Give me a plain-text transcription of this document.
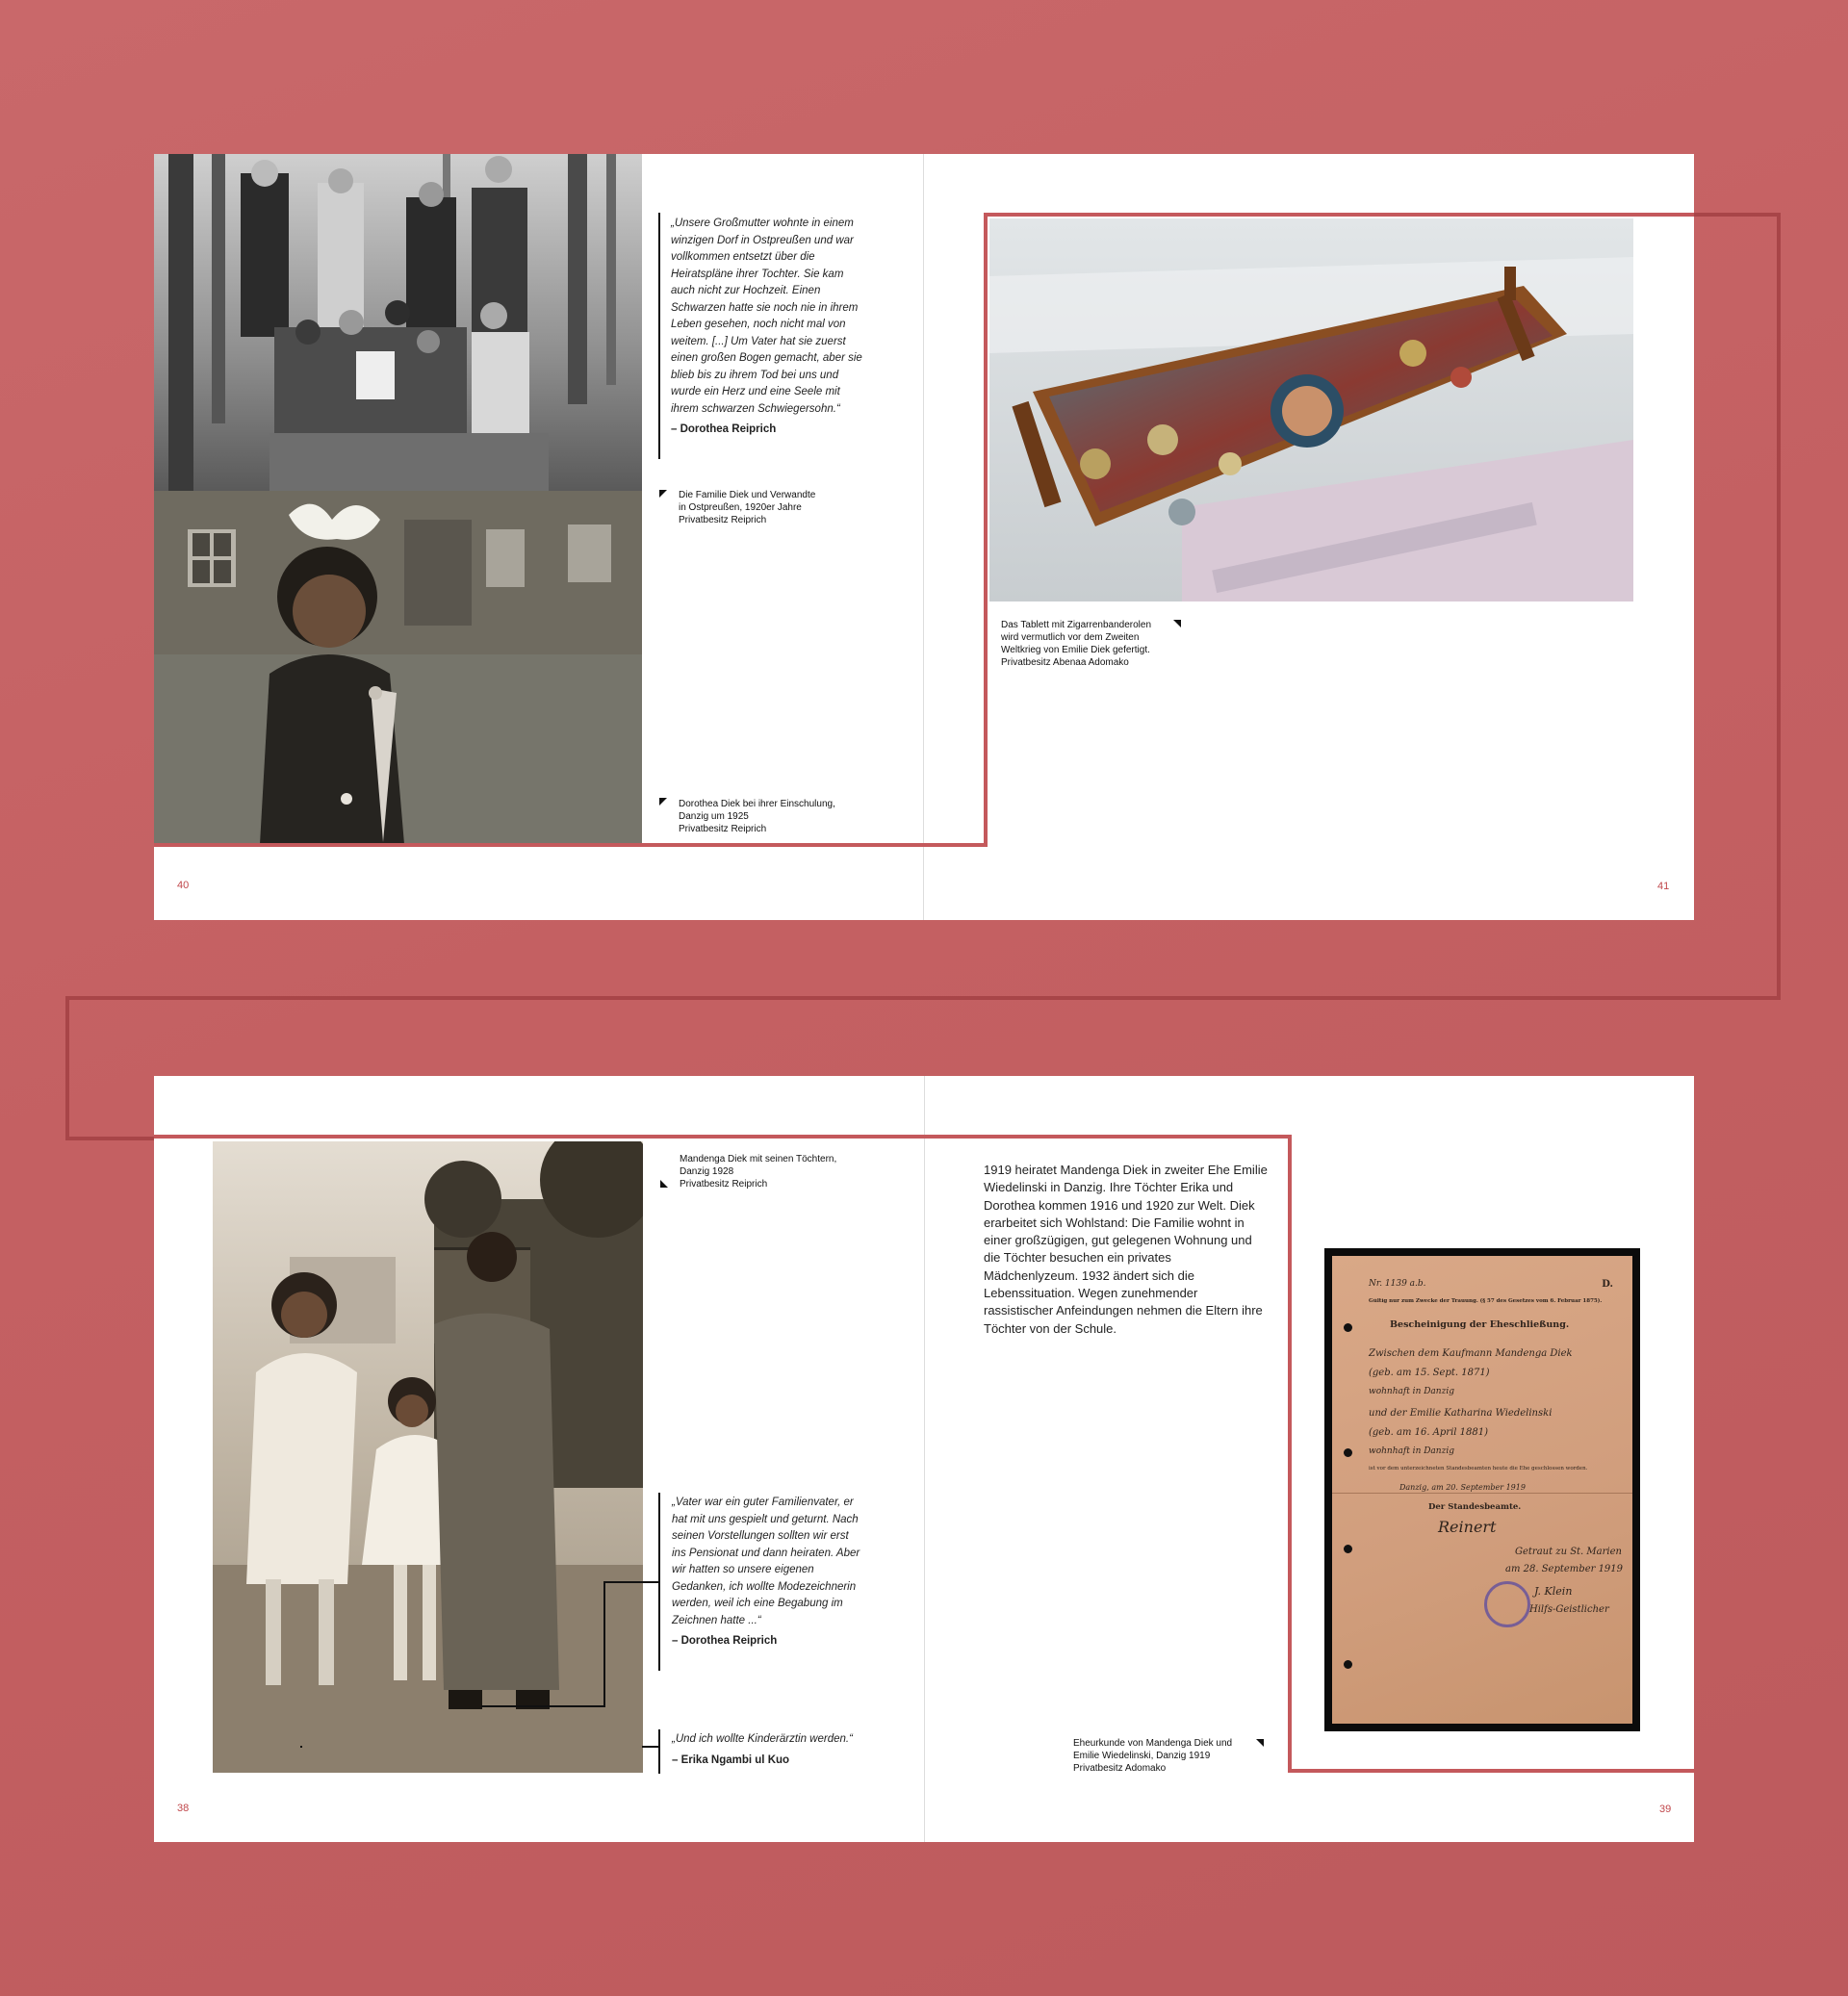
„Unsere Großmutter wohnte in einem winzigen Dorf in Ostpreußen und war vollkommen entsetzt über die Heiratspläne ihrer Tochter. Sie kam auch nicht zur Hochzeit. Einen Schwarzen hatte sie noch nie in ihrem Leben gesehen, noch nicht mal von weitem. [...] Um Vater hat sie zuerst einen großen Bogen gemacht, aber sie blieb bis zu ihrem Tod bei uns und wurde ein Herz und eine Seele mit ihrem schwarzen Schwiegersohn.“
– Dorothea Reiprich
Die Familie Diek und Verwandte
in Ostpreußen, 1920er Jahre
Privatbesitz Reiprich
Dorothea Diek bei ihrer Einschulung,
Danzig um 1925
Privatbesitz Reiprich
40
Das Tablett mit Zigarrenbanderolen
wird vermutlich vor dem Zweiten
Weltkrieg von Emilie Diek gefertigt.
Privatbesitz Abenaa Adomako
41
Mandenga Diek mit seinen Töchtern,
Danzig 1928
Privatbesitz Reiprich
„Vater war ein guter Familienvater, er hat mit uns gespielt und geturnt. Nach seinen Vorstellungen sollten wir erst ins Pensionat und dann heiraten. Aber wir hatten so unsere eigenen Gedanken, ich wollte Modezeichnerin werden, weil ich eine Begabung im Zeichnen hatte ...“
– Dorothea Reiprich
„Und ich wollte Kinderärztin werden.“
– Erika Ngambi ul Kuo
38
1919 heiratet Mandenga Diek in zweiter Ehe Emilie Wiedelinski in Danzig. Ihre Töchter Erika und Dorothea kommen 1916 und 1920 zur Welt. Diek erarbeitet sich Wohlstand: Die Familie wohnt in einer großzügigen, gut gelegenen Wohnung und die Töchter besuchen ein privates Mädchenlyzeum. 1932 ändert sich die Lebenssituation. Wegen zunehmender rassistischer Anfeindungen nehmen die Eltern ihre Töchter von der Schule.
Nr. 1139 a.b.	D.
Gültig nur zum Zwecke der Trauung. (§ 57 des Gesetzes vom 6. Februar 1875).
Bescheinigung der Eheschließung.
Zwischen dem Kaufmann Mandenga Diek
(geb. am 15. Sept. 1871)
wohnhaft in Danzig
und der Emilie Katharina Wiedelinski
(geb. am 16. April 1881)
wohnhaft in Danzig
ist vor dem unterzeichneten Standesbeamten heute die Ehe geschlossen worden.
Danzig, am 20. September 1919
Der Standesbeamte.
Reinert
Getraut zu St. Marien
am 28. September 1919
J. Klein
Hilfs-Geistlicher
Eheurkunde von Mandenga Diek und
Emilie Wiedelinski, Danzig 1919
Privatbesitz Adomako
39
